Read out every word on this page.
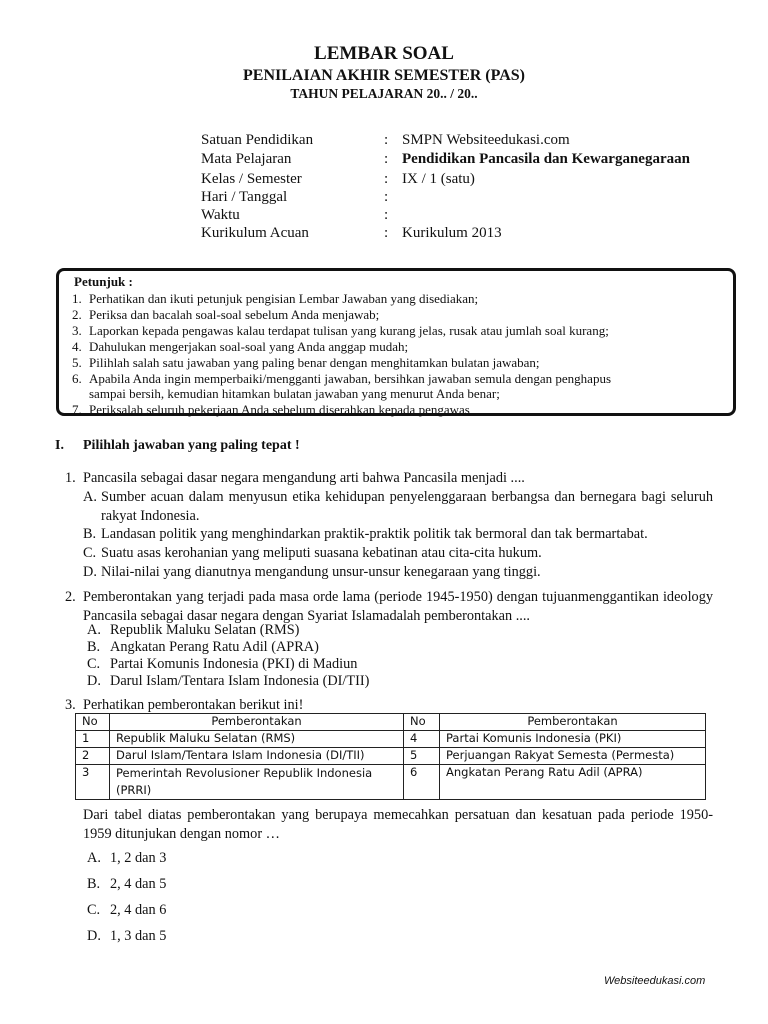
LEMBAR SOAL
PENILAIAN AKHIR SEMESTER (PAS)
TAHUN PELAJARAN 20.. / 20..
Satuan Pendidikan	: SMPN Websiteedukasi.com
Mata Pelajaran	: Pendidikan Pancasila dan Kewarganegaraan
Kelas / Semester	: IX / 1 (satu)
Hari / Tanggal	:
Waktu	:
Kurikulum Acuan	: Kurikulum 2013
Petunjuk :
1. Perhatikan dan ikuti petunjuk pengisian Lembar Jawaban yang disediakan;
2. Periksa dan bacalah soal-soal sebelum Anda menjawab;
3. Laporkan kepada pengawas kalau terdapat tulisan yang kurang jelas, rusak atau jumlah soal kurang;
4. Dahulukan mengerjakan soal-soal yang Anda anggap mudah;
5. Pilihlah salah satu jawaban yang paling benar dengan menghitamkan bulatan jawaban;
6. Apabila Anda ingin memperbaiki/mengganti jawaban, bersihkan jawaban semula dengan penghapus
sampai bersih, kemudian hitamkan bulatan jawaban yang menurut Anda benar;
7. Periksalah seluruh pekerjaan Anda sebelum diserahkan kepada pengawas
I. Pilihlah jawaban yang paling tepat !
1. Pancasila sebagai dasar negara mengandung arti bahwa Pancasila menjadi ....
A. Sumber acuan dalam menyusun etika kehidupan penyelenggaraan berbangsa dan bernegara bagi seluruh rakyat Indonesia.
B. Landasan politik yang menghindarkan praktik-praktik politik tak bermoral dan tak bermartabat.
C. Suatu asas kerohanian yang meliputi suasana kebatinan atau cita-cita hukum.
D. Nilai-nilai yang dianutnya mengandung unsur-unsur kenegaraan yang tinggi.
2. Pemberontakan yang terjadi pada masa orde lama (periode 1945-1950) dengan tujuanmenggantikan ideology Pancasila sebagai dasar negara dengan Syariat Islamadalah pemberontakan ....
A. Republik Maluku Selatan (RMS)
B. Angkatan Perang Ratu Adil (APRA)
C. Partai Komunis Indonesia (PKI) di Madiun
D. Darul Islam/Tentara Islam Indonesia (DI/TII)
3. Perhatikan pemberontakan berikut ini!
No	Pemberontakan	No	Pemberontakan
1	Republik Maluku Selatan (RMS)	4	Partai Komunis Indonesia (PKI)
2	Darul Islam/Tentara Islam Indonesia (DI/TII)	5	Perjuangan Rakyat Semesta (Permesta)
3	Pemerintah Revolusioner Republik Indonesia (PRRI)	6	Angkatan Perang Ratu Adil (APRA)
Dari tabel diatas pemberontakan yang berupaya memecahkan persatuan dan kesatuan pada periode 1950-1959 ditunjukan dengan nomor …
A. 1, 2 dan 3
B. 2, 4 dan 5
C. 2, 4 dan 6
D. 1, 3 dan 5
Websiteedukasi.com
